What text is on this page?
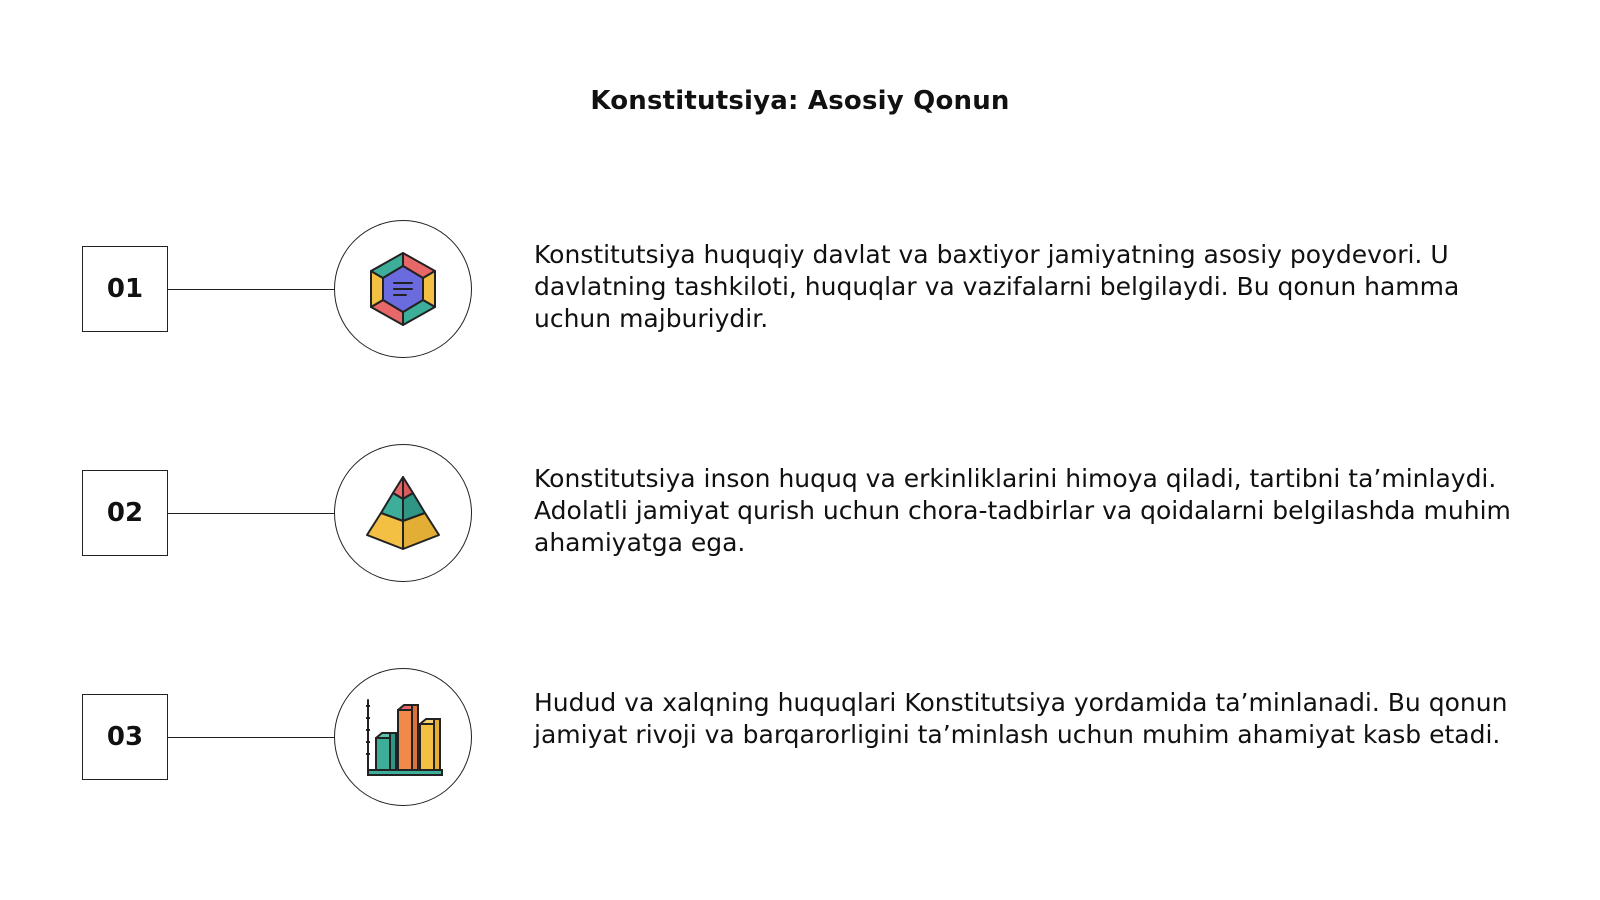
Konstitutsiya: Asosiy Qonun
01
Konstitutsiya huquqiy davlat va baxtiyor jamiyatning asosiy poydevori. U davlatning tashkiloti, huquqlar va vazifalarni belgilaydi. Bu qonun hamma uchun majburiydir.
02
Konstitutsiya inson huquq va erkinliklarini himoya qiladi, tartibni ta’minlaydi. Adolatli jamiyat qurish uchun chora-tadbirlar va qoidalarni belgilashda muhim ahamiyatga ega.
03
Hudud va xalqning huquqlari Konstitutsiya yordamida ta’minlanadi. Bu qonun jamiyat rivoji va barqarorligini ta’minlash uchun muhim ahamiyat kasb etadi.
